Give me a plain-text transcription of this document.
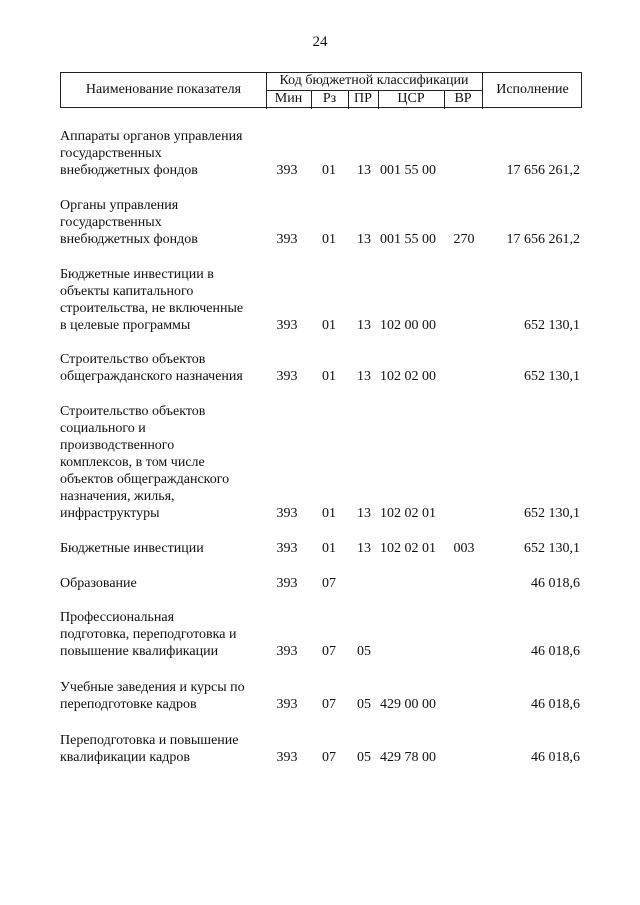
24
Наименование показателя
Код бюджетной классификации
Мин	Рз	ПР	ЦСР	ВР
Исполнение
Аппараты органов управления
государственных
внебюджетных фондов	393 01 13 001 55 00	17 656 261,2
Органы управления
государственных
внебюджетных фондов	393 01 13 001 55 00	270	17 656 261,2
Бюджетные инвестиции в
объекты капитального
строительства, не включенные
в целевые программы	393 01 13 102 00 00	652 130,1
Строительство объектов
общегражданского назначения	393 01 13 102 02 00	652 130,1
Строительство объектов
социального и
производственного
комплексов, в том числе
объектов общегражданского
назначения, жилья,
инфраструктуры	393 01 13 102 02 01	652 130,1
Бюджетные инвестиции	393 01 13 102 02 01	003	652 130,1
Образование	393 07	46 018,6
Профессиональная
подготовка, переподготовка и
повышение квалификации	393 07 05	46 018,6
Учебные заведения и курсы по
переподготовке кадров	393 07 05 429 00 00	46 018,6
Переподготовка и повышение
квалификации кадров	393 07 05 429 78 00	46 018,6
